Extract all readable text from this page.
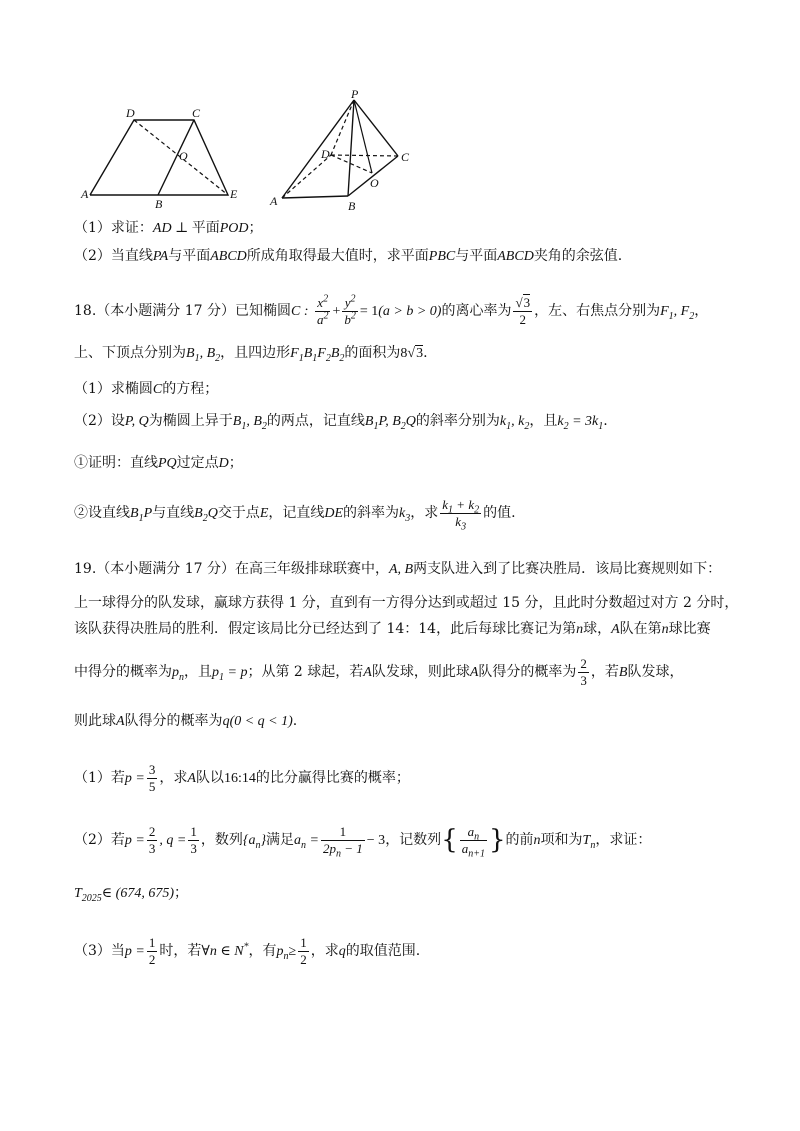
D	C
O
A
B
E
P
D	C
O
A	B
（1）求证：AD ⊥ 平面POD；
（2）当直线PA与平面ABCD所成角取得最大值时，求平面PBC与平面ABCD夹角的余弦值.
18.（本小题满分 17 分）已知椭圆C : $\frac{x^2}{a^2} + \frac{y^2}{b^2} = 1(a > b > 0)$的离心率为 $\frac{√3}{2}$ ，左、右焦点分别为$F_1$, $F_2$，
上、下顶点分别为$B_1$, $B_2$，且四边形$F_1B_1F_2B_2$的面积为8√3.
（1）求椭圆C的方程；
（2）设P, Q为椭圆上异于$B_1$, $B_2$的两点，记直线$B_1P$, $B_2Q$的斜率分别为$k_1$, $k_2$，且$k_2 = 3k_1$.
①证明：直线PQ过定点D；
②设直线$B_1P$与直线$B_2Q$交于点E，记直线DE的斜率为$k_3$，求 $\frac{k_1 + k_2}{k_3}$ 的值.
19.（本小题满分 17 分）在高三年级排球联赛中，A, B两支队进入到了比赛决胜局．该局比赛规则如下：
上一球得分的队发球，赢球方获得 1 分，直到有一方得分达到或超过 15 分，且此时分数超过对方 2 分时，
该队获得决胜局的胜利．假定该局比分已经达到了 14：14，此后每球比赛记为第n球，A队在第n球比赛
中得分的概率为$p_n$，且$p_1 = p$；从第 2 球起，若A队发球，则此球A队得分的概率为 $\frac{2}{3}$ ，若B队发球，
则此球A队得分的概率为q(0 < q < 1).
（1）若$p = \frac{3}{5}$ ，求A队以16:14的比分赢得比赛的概率；
（2）若$p = \frac{2}{3}$ , $q = \frac{1}{3}$ ，数列$\{a_n\}$满足$a_n = \frac{1}{2p_n - 1} - 3$，记数列{ $\frac{a_n}{a_{n+1}}$ }的前n项和为$T_n$，求证：
$T_{2025}\in$ (674, 675)；
（3）当$p = \frac{1}{2}$ 时，若∀n ∈ N*，有$p_n\ge \frac{1}{2}$ ，求q的取值范围.
